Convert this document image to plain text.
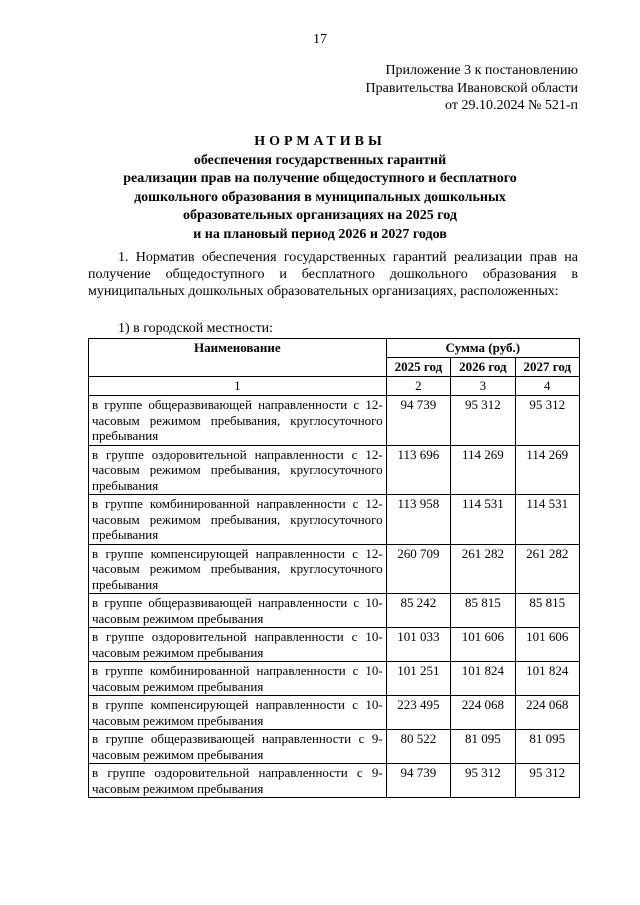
17
Приложение 3 к постановлению
Правительства Ивановской области
от 29.10.2024 № 521-п
НОРМАТИВЫ
обеспечения государственных гарантий
реализации прав на получение общедоступного и бесплатного
дошкольного образования в муниципальных дошкольных
образовательных организациях на 2025 год
и на плановый период 2026 и 2027 годов
1. Норматив обеспечения государственных гарантий реализации прав на получение общедоступного и бесплатного дошкольного образования в муниципальных дошкольных образовательных организациях, расположенных:
1) в городской местности:
Наименование	Сумма (руб.)		
	2025 год	2026 год	2027 год
1	2	3	4
в группе общеразвивающей направленности с 12-часовым режимом пребывания, круглосуточного пребывания	94 739	95 312	95 312
в группе оздоровительной направленности с 12-часовым режимом пребывания, круглосуточного пребывания	113 696	114 269	114 269
в группе комбинированной направленности с 12-часовым режимом пребывания, круглосуточного пребывания	113 958	114 531	114 531
в группе компенсирующей направленности с 12-часовым режимом пребывания, круглосуточного пребывания	260 709	261 282	261 282
в группе общеразвивающей направленности с 10-часовым режимом пребывания	85 242	85 815	85 815
в группе оздоровительной направленности с 10-часовым режимом пребывания	101 033	101 606	101 606
в группе комбинированной направленности с 10-часовым режимом пребывания	101 251	101 824	101 824
в группе компенсирующей направленности с 10-часовым режимом пребывания	223 495	224 068	224 068
в группе общеразвивающей направленности с 9-часовым режимом пребывания	80 522	81 095	81 095
в группе оздоровительной направленности с 9-часовым режимом пребывания	94 739	95 312	95 312
